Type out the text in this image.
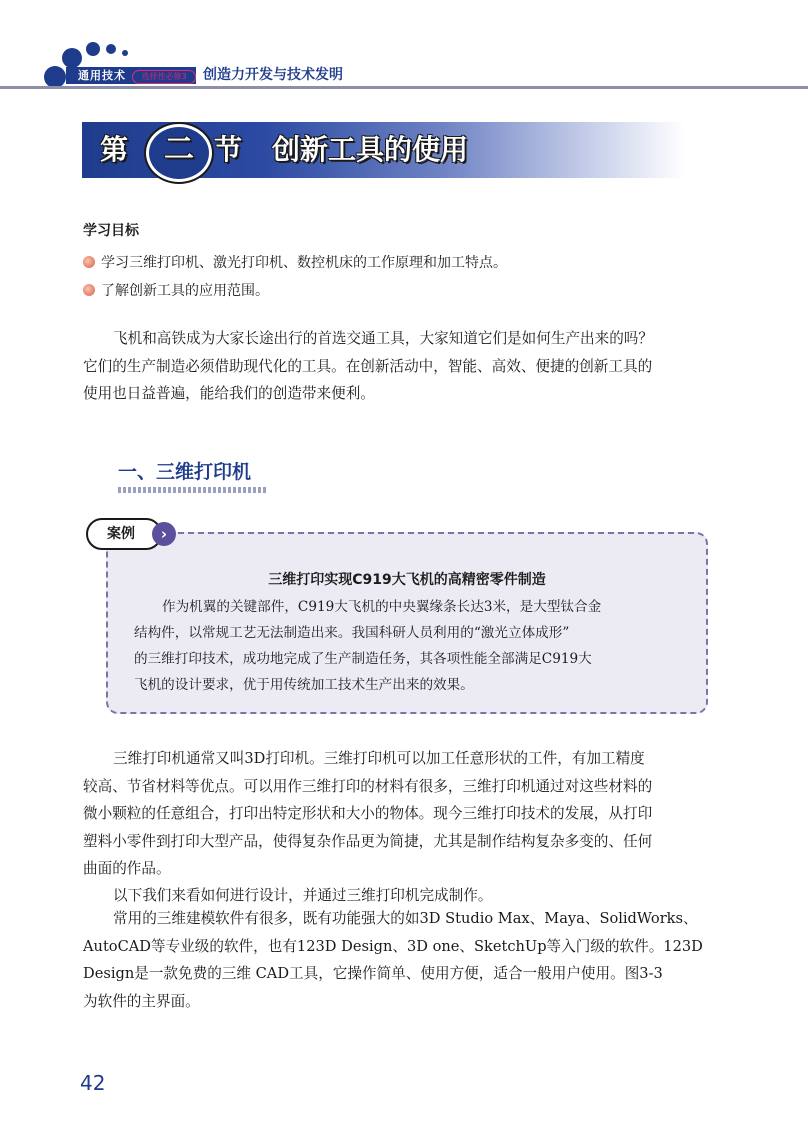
通用技术	选择性必修3	创造力开发与技术发明
第	二 节 创新工具的使用
学习目标
学习三维打印机、激光打印机、数控机床的工作原理和加工特点。
了解创新工具的应用范围。
飞机和高铁成为大家长途出行的首选交通工具，大家知道它们是如何生产出来的吗？
它们的生产制造必须借助现代化的工具。在创新活动中，智能、高效、便捷的创新工具的
使用也日益普遍，能给我们的创造带来便利。
一、三维打印机
案例	›
三维打印实现C919大飞机的高精密零件制造
作为机翼的关键部件，C919大飞机的中央翼缘条长达3米，是大型钛合金
结构件，以常规工艺无法制造出来。我国科研人员利用的“激光立体成形”
的三维打印技术，成功地完成了生产制造任务，其各项性能全部满足C919大
飞机的设计要求，优于用传统加工技术生产出来的效果。
三维打印机通常又叫3D打印机。三维打印机可以加工任意形状的工件，有加工精度
较高、节省材料等优点。可以用作三维打印的材料有很多，三维打印机通过对这些材料的
微小颗粒的任意组合，打印出特定形状和大小的物体。现今三维打印技术的发展，从打印
塑料小零件到打印大型产品，使得复杂作品更为简捷，尤其是制作结构复杂多变的、任何
曲面的作品。
以下我们来看如何进行设计，并通过三维打印机完成制作。
常用的三维建模软件有很多，既有功能强大的如3D Studio Max、Maya、SolidWorks、
AutoCAD等专业级的软件，也有123D Design、3D one、SketchUp等入门级的软件。123D
Design是一款免费的三维 CAD工具，它操作简单、使用方便，适合一般用户使用。图3-3
为软件的主界面。
42
